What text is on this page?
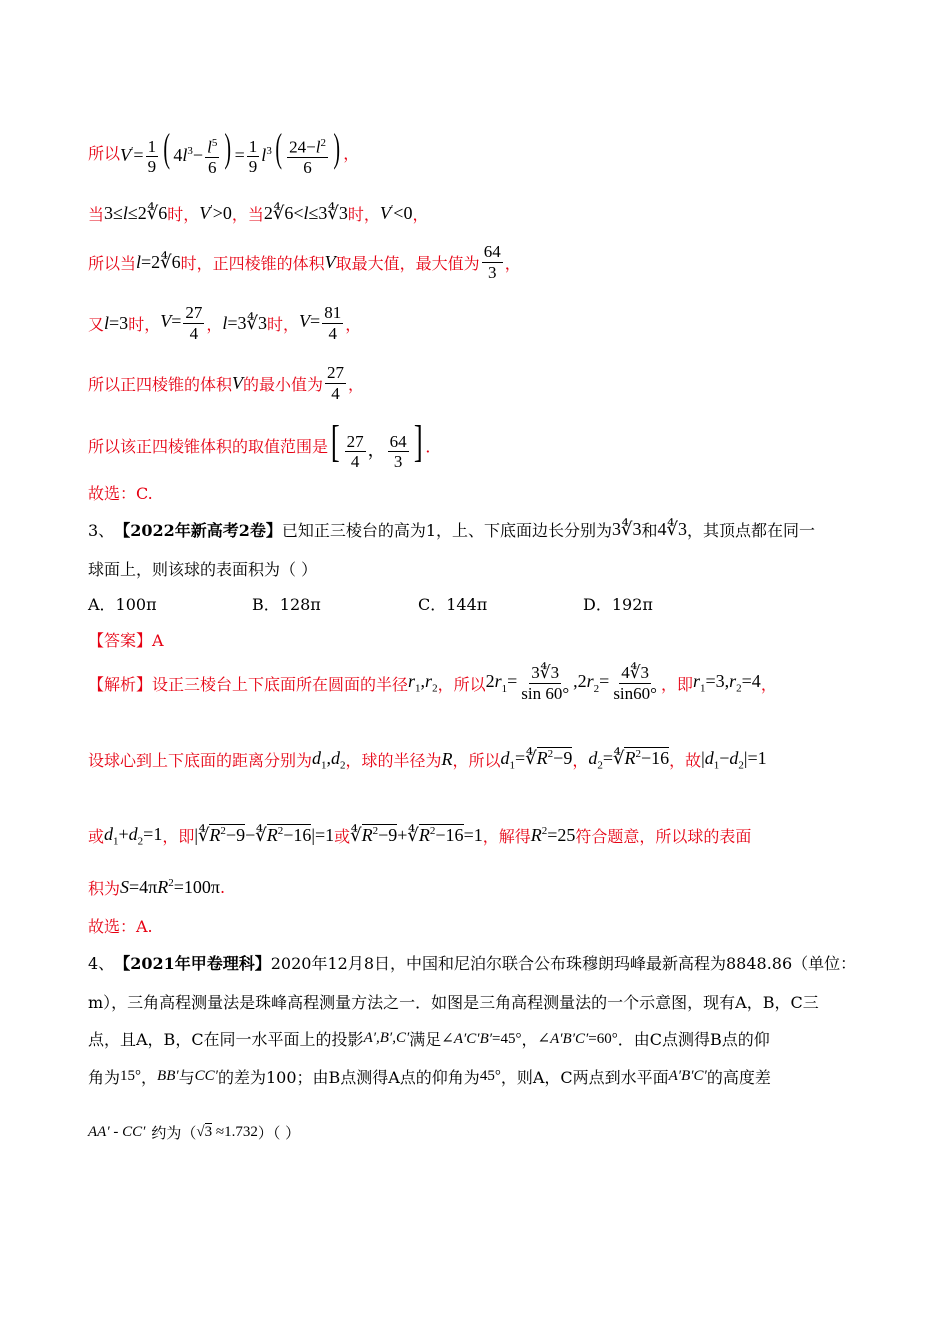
所以 $V'= \frac{1}{9}$ ( $4l^3- \frac{l^5}{6}$ ) = $\frac{1}{9} l^3( \frac{24-l^2}{6}$ ) ，
当 3≤l≤2∜6 时， V′>0 ，当 2∜6<l≤3∜3 时， V′<0 ，
所以当 l=2∜6 时，正四棱锥的体积 V 取最大值，最大值为 $\frac{64}{3}$ ，
又 l=3 时， $V= \frac{27}{4}$ ， l=3∜3 时， $V= \frac{81}{4}$ ，
所以正四棱锥的体积 V 的最小值为 $\frac{27}{4}$ ，
所以该正四棱锥体积的取值范围是 [ $\frac{27}{4}$ ， $\frac{64}{3}$ ] ．
故选：C.
3、 【2022年新高考2卷】 已知正三棱台的高为1，上、下底面边长分别为 3∜3 和 4∜3 ，其顶点都在同一
球面上，则该球的表面积为（ ）
A．100π	B．128π	C．144π	D．192π
【答案】A
【解析】 设正三棱台上下底面所在圆面的半径 $r_1,r_2$ ，所以 $2r_1= \frac{3∜3}{\sin 60^\circ} ,2r_2= \frac{4∜3}{\sin 60^\circ}$ ，即 $r_1=3,r_2=4$ ，
设球心到上下底面的距离分别为 $d_1,d_2$ ，球的半径为 R ，所以 $d_1=∜R^2-9$ ， $d_2=∜R^2-16$ ，故 $|d_1-d_2|=1$
或 $d_1+d_2=1$ ，即 $|∜R^2-9-∜R^2-16|=1$ 或 $∜R^2-9+∜R^2-16=1$ ，解得 $R^2=25$ 符合题意，所以球的表面
积为 $S=4\pi R^2=100\pi$ .
故选：A.
4、 【2021年甲卷理科】 2020年12月8日，中国和尼泊尔联合公布珠穆朗玛峰最新高程为8848.86（单位：
m），三角高程测量法是珠峰高程测量方法之一．如图是三角高程测量法的一个示意图，现有A，B，C三
点，且A，B，C在同一水平面上的投影 A′,B′,C′ 满足 ∠A′C′B′=45° ， ∠A′B′C′=60° ．由C点测得B点的仰
角为 15° ， BB′ 与 CC′ 的差为100；由B点测得A点的仰角为 45° ，则A，C两点到水平面 A′B′C′ 的高度差
AA′ - CC′ 约为（ √3 ≈1.732 ）（ ）
